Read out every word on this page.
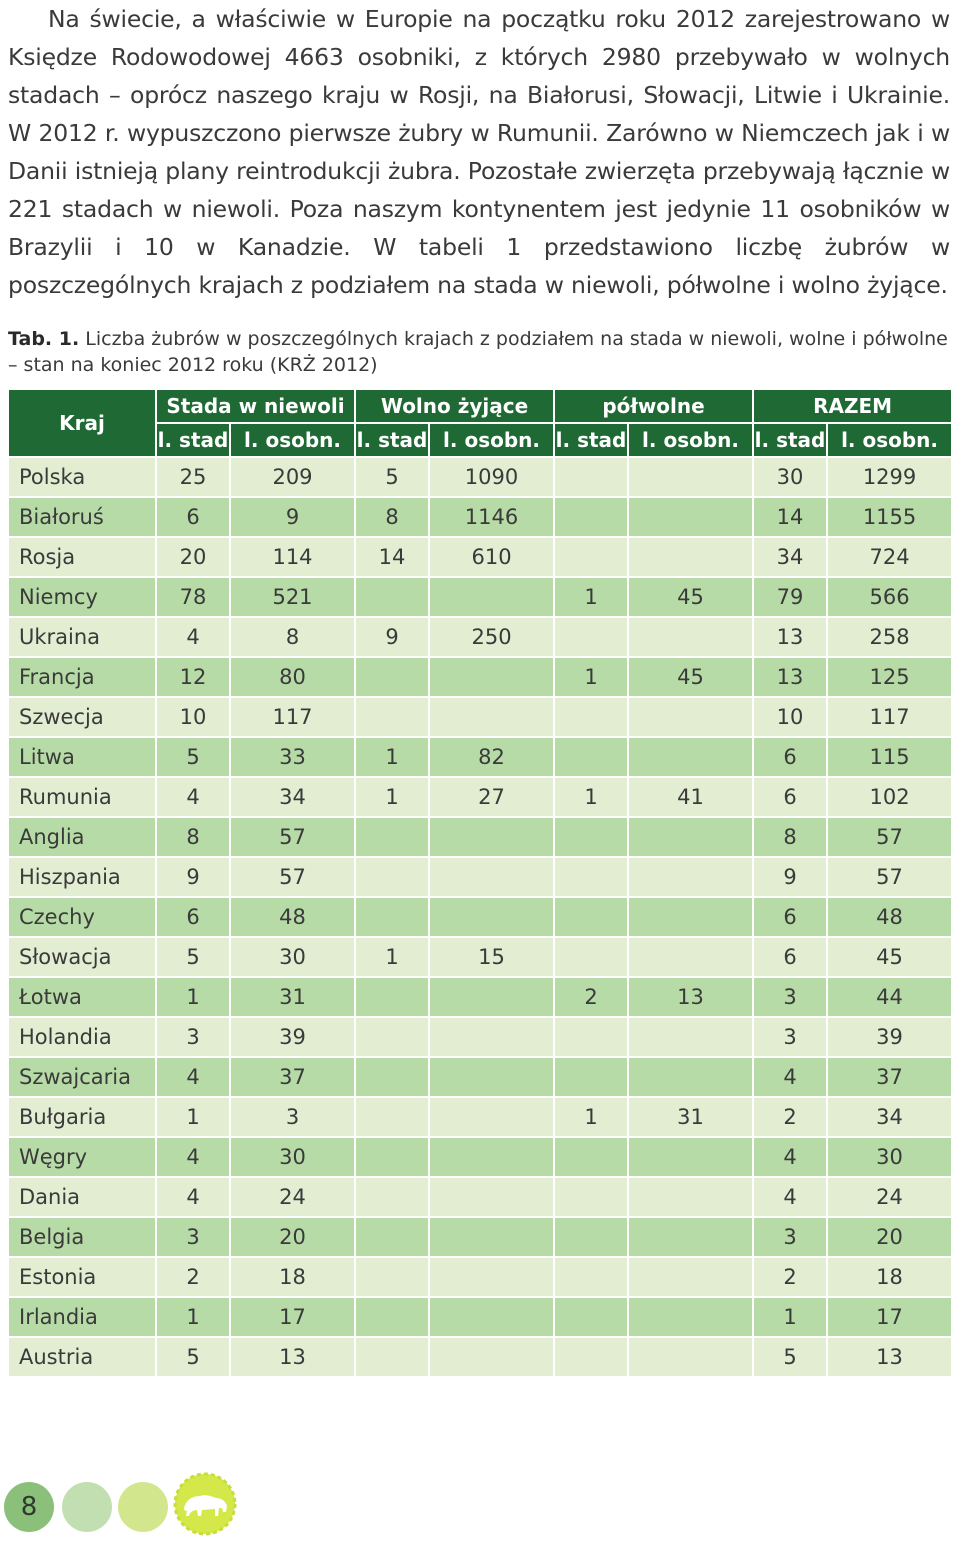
Na świecie, a właściwie w Europie na początku roku 2012 zarejestrowano w Księdze Rodowodowej 4663 osobniki, z których 2980 przebywało w wolnych stadach – oprócz naszego kraju w Rosji, na Białorusi, Słowacji, Litwie i Ukrainie. W 2012 r. wypuszczono pierwsze żubry w Rumunii. Zarówno w Niemczech jak i w Danii istnieją plany reintrodukcji żubra. Pozostałe zwierzęta przebywają łącznie w 221 stadach w niewoli. Poza naszym kontynentem jest jedynie 11 osobników w Brazylii i 10 w Kanadzie. W tabeli 1 przedstawiono liczbę żubrów w poszczególnych krajach z podziałem na stada w niewoli, półwolne i wolno żyjące.

Tab. 1. Liczba żubrów w poszczególnych krajach z podziałem na stada w niewoli, wolne i półwolne – stan na koniec 2012 roku (KRŻ 2012)
Kraj	Stada w niewoli		Wolno żyjące		półwolne		RAZEM	
	l. stad	l. osobn.	l. stad	l. osobn.	l. stad	l. osobn.	l. stad	l. osobn.
Polska	25	209	5	1090			30	1299
Białoruś	6	9	8	1146			14	1155
Rosja	20	114	14	610			34	724
Niemcy	78	521			1	45	79	566
Ukraina	4	8	9	250			13	258
Francja	12	80			1	45	13	125
Szwecja	10	117					10	117
Litwa	5	33	1	82			6	115
Rumunia	4	34	1	27	1	41	6	102
Anglia	8	57					8	57
Hiszpania	9	57					9	57
Czechy	6	48					6	48
Słowacja	5	30	1	15			6	45
Łotwa	1	31			2	13	3	44
Holandia	3	39					3	39
Szwajcaria	4	37					4	37
Bułgaria	1	3			1	31	2	34
Węgry	4	30					4	30
Dania	4	24					4	24
Belgia	3	20					3	20
Estonia	2	18					2	18
Irlandia	1	17					1	17
Austria	5	13					5	13
8
